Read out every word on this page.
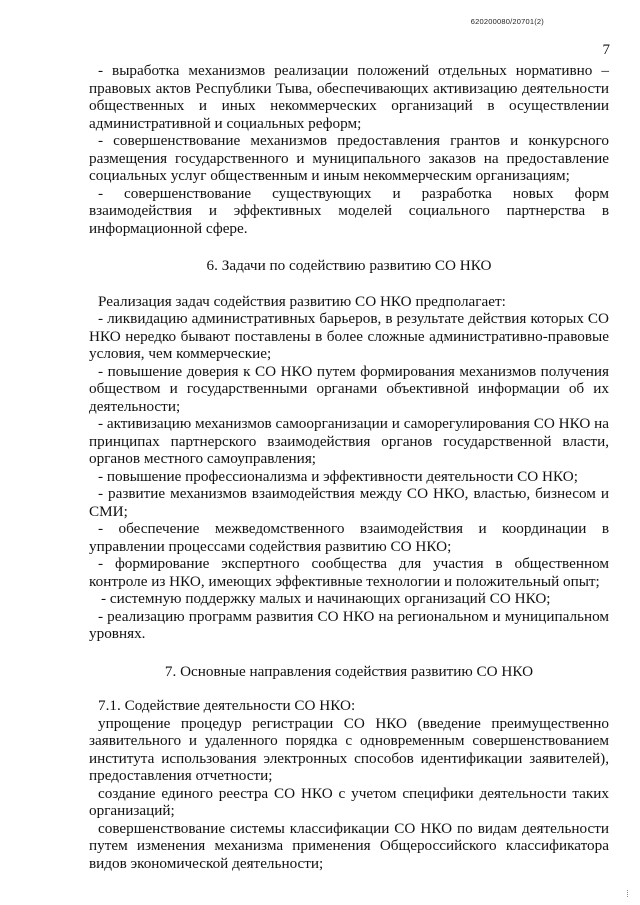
620200080/20701(2)
7

- выработка механизмов реализации положений отдельных нормативно – правовых актов Республики Тыва, обеспечивающих активизацию деятельности общественных и иных некоммерческих организаций в осуществлении административной и социальных реформ;

- совершенствование механизмов предоставления грантов и конкурсного размещения государственного и муниципального заказов на предоставление социальных услуг общественным и иным некоммерческим организациям;

- совершенствование существующих и разработка новых форм взаимодействия и эффективных моделей социального партнерства в информационной сфере.

6. Задачи по содействию развитию СО НКО

Реализация задач содействия развитию СО НКО предполагает:

- ликвидацию административных барьеров, в результате действия которых СО НКО нередко бывают поставлены в более сложные административно-правовые условия, чем коммерческие;

- повышение доверия к СО НКО путем формирования механизмов получения обществом и государственными органами объективной информации об их деятельности;

- активизацию механизмов самоорганизации и саморегулирования СО НКО на принципах партнерского взаимодействия органов государственной власти, органов местного самоуправления;

- повышение профессионализма и эффективности деятельности СО НКО;

- развитие механизмов взаимодействия между СО НКО, властью, бизнесом и СМИ;

- обеспечение межведомственного взаимодействия и координации в управлении процессами содействия развитию СО НКО;

- формирование экспертного сообщества для участия в общественном контроле из НКО, имеющих эффективные технологии и положительный опыт;

- системную поддержку малых и начинающих организаций СО НКО;

- реализацию программ развития СО НКО на региональном и муниципальном уровнях.

7. Основные направления содействия развитию СО НКО

7.1. Содействие деятельности СО НКО:

упрощение процедур регистрации СО НКО (введение преимущественно заявительного и удаленного порядка с одновременным совершенствованием института использования электронных способов идентификации заявителей), предоставления отчетности;

создание единого реестра СО НКО с учетом специфики деятельности таких организаций;

совершенствование системы классификации СО НКО по видам деятельности путем изменения механизма применения Общероссийского классификатора видов экономической деятельности;
